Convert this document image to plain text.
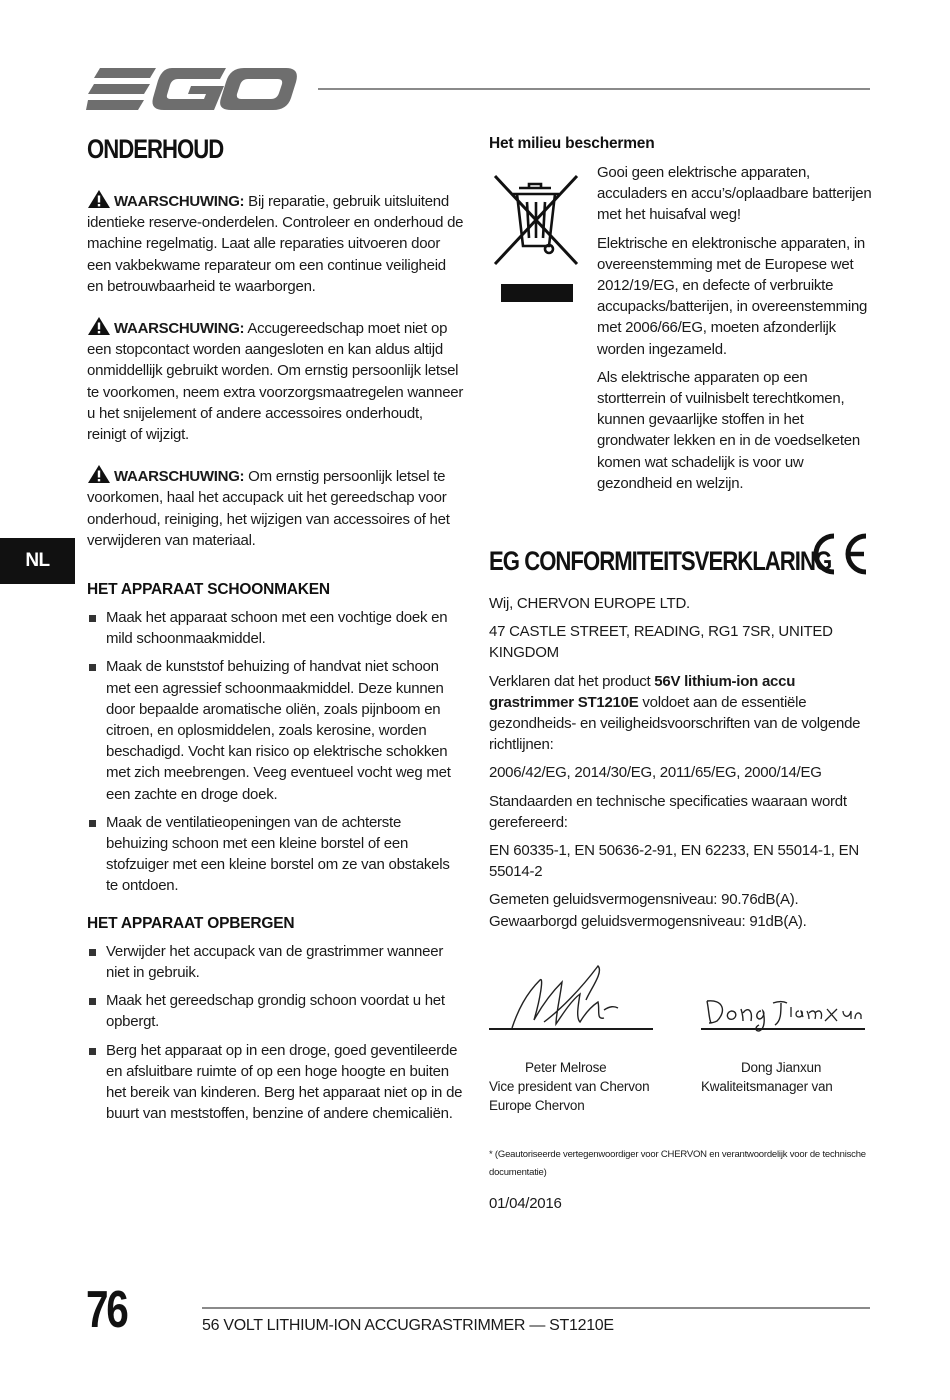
NL
ONDERHOUD

WAARSCHUWING: Bij reparatie, gebruik uitsluitend identieke reserve-onderdelen. Controleer en onderhoud de machine regelmatig. Laat alle reparaties uitvoeren door een vakbekwame reparateur om een continue veiligheid en betrouwbaarheid te waarborgen.

WAARSCHUWING: Accugereedschap moet niet op een stopcontact worden aangesloten en kan aldus altijd onmiddellijk gebruikt worden. Om ernstig persoonlijk letsel te voorkomen, neem extra voorzorgsmaatregelen wanneer u het snijelement of andere accessoires onderhoudt, reinigt of wijzigt.

WAARSCHUWING: Om ernstig persoonlijk letsel te voorkomen, haal het accupack uit het gereedschap voor onderhoud, reiniging, het wijzigen van accessoires of het verwijderen van materiaal.

HET APPARAAT SCHOONMAKEN
Maak het apparaat schoon met een vochtige doek en mild schoonmaakmiddel.
Maak de kunststof behuizing of handvat niet schoon met een agressief schoonmaakmiddel. Deze kunnen door bepaalde aromatische oliën, zoals pijnboom en citroen, en oplosmiddelen, zoals kerosine, worden beschadigd. Vocht kan risico op elektrische schokken met zich meebrengen. Veeg eventueel vocht weg met een zachte en droge doek.
Maak de ventilatieopeningen van de achterste behuizing schoon met een kleine borstel of een stofzuiger met een kleine borstel om ze van obstakels te ontdoen.
HET APPARAAT OPBERGEN
Verwijder het accupack van de grastrimmer wanneer niet in gebruik.
Maak het gereedschap grondig schoon voordat u het opbergt.
Berg het apparaat op in een droge, goed geventileerde en afsluitbare ruimte of op een hoge hoogte en buiten het bereik van kinderen. Berg het apparaat niet op in de buurt van meststoffen, benzine of andere chemicaliën.
Het milieu beschermen

Gooi geen elektrische apparaten, acculaders en accu’s/oplaadbare batterijen met het huisafval weg!

Elektrische en elektronische apparaten, in overeenstemming met de Europese wet 2012/19/EG, en defecte of verbruikte accupacks/batterijen, in overeenstemming met 2006/66/EG, moeten afzonderlijk worden ingezameld.

Als elektrische apparaten op een stortterrein of vuilnisbelt terechtkomen, kunnen gevaarlijke stoffen in het grondwater lekken en in de voedselketen komen wat schadelijk is voor uw gezondheid en welzijn.

EG CONFORMITEITSVERKLARING

Wij, CHERVON EUROPE LTD.

47 CASTLE STREET, READING, RG1 7SR, UNITED KINGDOM

Verklaren dat het product 56V lithium-ion accu grastrimmer ST1210E voldoet aan de essentiële gezondheids- en veiligheidsvoorschriften van de volgende richtlijnen:

2006/42/EG, 2014/30/EG, 2011/65/EG, 2000/14/EG

Standaarden en technische specificaties waaraan wordt gerefereerd:

EN 60335-1, EN 50636-2-91, EN 62233, EN 55014-1, EN 55014-2

Gemeten geluidsvermogensniveau: 90.76dB(A).

Gewaarborgd geluidsvermogensniveau: 91dB(A).

Peter Melrose
Vice president van Chervon Europe Chervon
Dong Jianxun
Kwaliteitsmanager van
* (Geautoriseerde vertegenwoordiger voor CHERVON en verantwoordelijk voor de technische documentatie)

01/04/2016

76	56 VOLT LITHIUM-ION ACCUGRASTRIMMER — ST1210E
